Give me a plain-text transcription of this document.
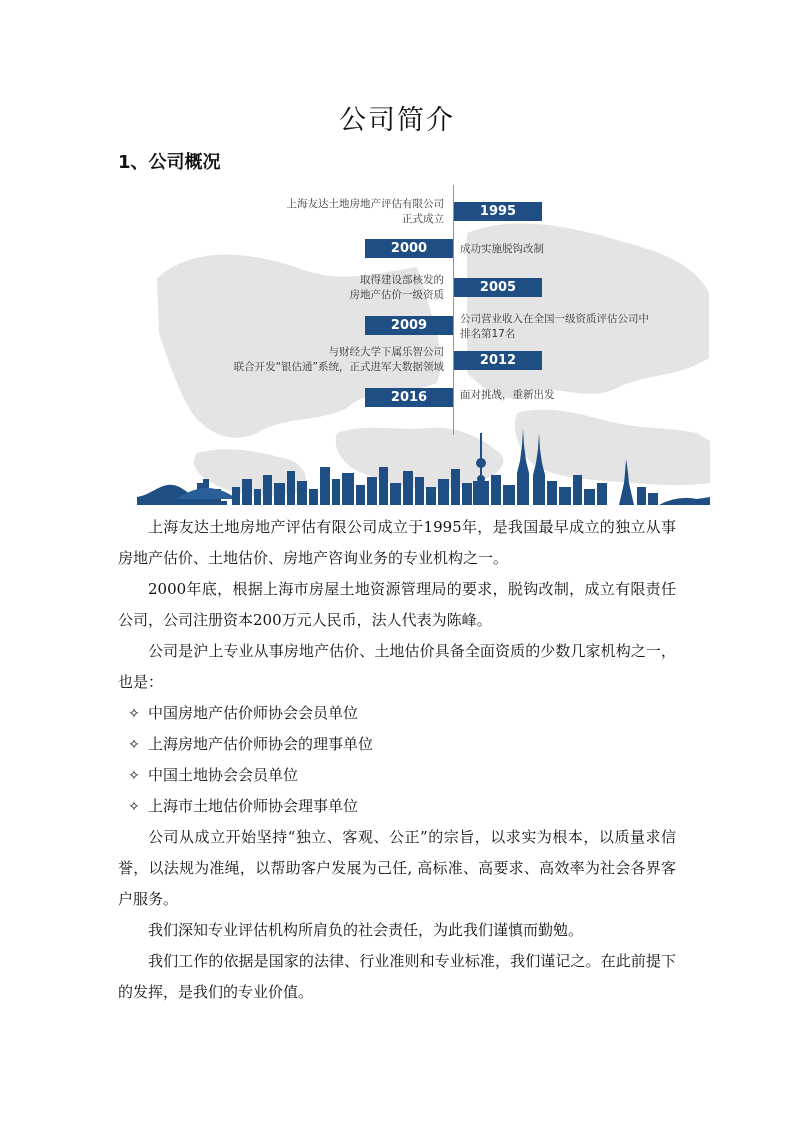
公司简介
1、公司概况
上海友达土地房地产评估有限公司
正式成立	1995
2000	成功实施脱钩改制
取得建设部核发的
房地产估价一级资质	2005
2009	公司营业收入在全国一级资质评估公司中
排名第17名
与财经大学下属乐智公司
联合开发“银估通”系统，正式进军大数据领域	2012
2016	面对挑战，重新出发

上海友达土地房地产评估有限公司成立于1995年，是我国最早成立的独立从事房地产估价、土地估价、房地产咨询业务的专业机构之一。

2000年底，根据上海市房屋土地资源管理局的要求，脱钩改制，成立有限责任公司，公司注册资本200万元人民币，法人代表为陈峰。

公司是沪上专业从事房地产估价、土地估价具备全面资质的少数几家机构之一，也是：

✧ 中国房地产估价师协会会员单位
✧ 上海房地产估价师协会的理事单位
✧ 中国土地协会会员单位
✧ 上海市土地估价师协会理事单位

公司从成立开始坚持“独立、客观、公正”的宗旨，以求实为根本，以质量求信誉，以法规为准绳，以帮助客户发展为己任, 高标准、高要求、高效率为社会各界客户服务。

我们深知专业评估机构所肩负的社会责任，为此我们谨慎而勤勉。

我们工作的依据是国家的法律、行业准则和专业标准，我们谨记之。在此前提下的发挥，是我们的专业价值。
